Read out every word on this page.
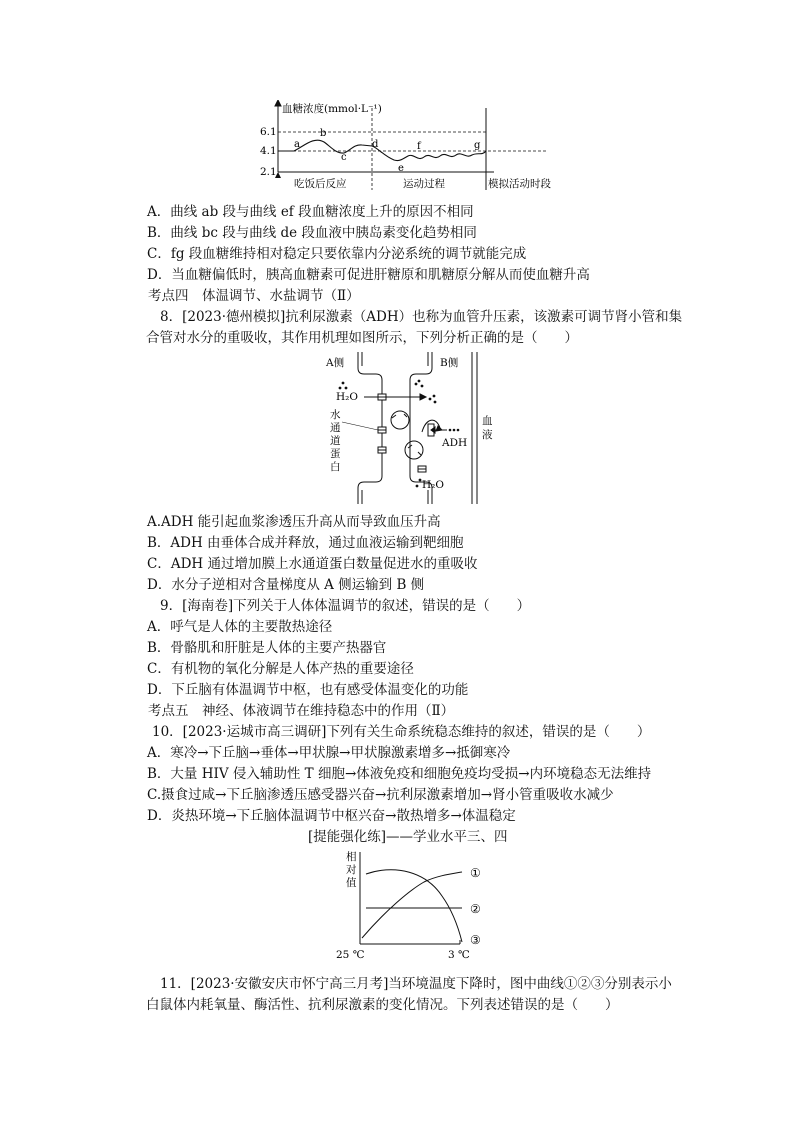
血糖浓度(mmol·L⁻¹)
6.1
4.1
2.1
a
b
c
d
e
f	g
吃饭后反应	运动过程	模拟活动时段
A．曲线 ab 段与曲线 ef 段血糖浓度上升的原因不相同
B．曲线 bc 段与曲线 de 段血液中胰岛素变化趋势相同
C．fg 段血糖维持相对稳定只要依靠内分泌系统的调节就能完成
D．当血糖偏低时，胰高血糖素可促进肝糖原和肌糖原分解从而使血糖升高
考点四　体温调节、水盐调节（Ⅱ）
8．[2023·德州模拟]抗利尿激素（ADH）也称为血管升压素，该激素可调节肾小管和集
合管对水分的重吸收，其作用机理如图所示，下列分析正确的是（　　）
A侧	B侧
H₂O
水
通
道
蛋
白
ADH
血
液
H₂O
A.ADH 能引起血浆渗透压升高从而导致血压升高
B．ADH 由垂体合成并释放，通过血液运输到靶细胞
C．ADH 通过增加膜上水通道蛋白数量促进水的重吸收
D．水分子逆相对含量梯度从 A 侧运输到 B 侧
9．[海南卷]下列关于人体体温调节的叙述，错误的是（　　）
A．呼气是人体的主要散热途径
B．骨骼肌和肝脏是人体的主要产热器官
C．有机物的氧化分解是人体产热的重要途径
D．下丘脑有体温调节中枢，也有感受体温变化的功能
考点五　神经、体液调节在维持稳态中的作用（Ⅱ）
10．[2023·运城市高三调研]下列有关生命系统稳态维持的叙述，错误的是（　　）
A．寒冷→下丘脑→垂体→甲状腺→甲状腺激素增多→抵御寒冷
B．大量 HIV 侵入辅助性 T 细胞→体液免疫和细胞免疫均受损→内环境稳态无法维持
C.摄食过咸→下丘脑渗透压感受器兴奋→抗利尿激素增加→肾小管重吸收水减少
D．炎热环境→下丘脑体温调节中枢兴奋→散热增多→体温稳定
[提能强化练]——学业水平三、四
相
对
值
25 ℃	3 ℃
①
②
③
11．[2023·安徽安庆市怀宁高三月考]当环境温度下降时，图中曲线①②③分别表示小
白鼠体内耗氧量、酶活性、抗利尿激素的变化情况。下列表述错误的是（　　）
